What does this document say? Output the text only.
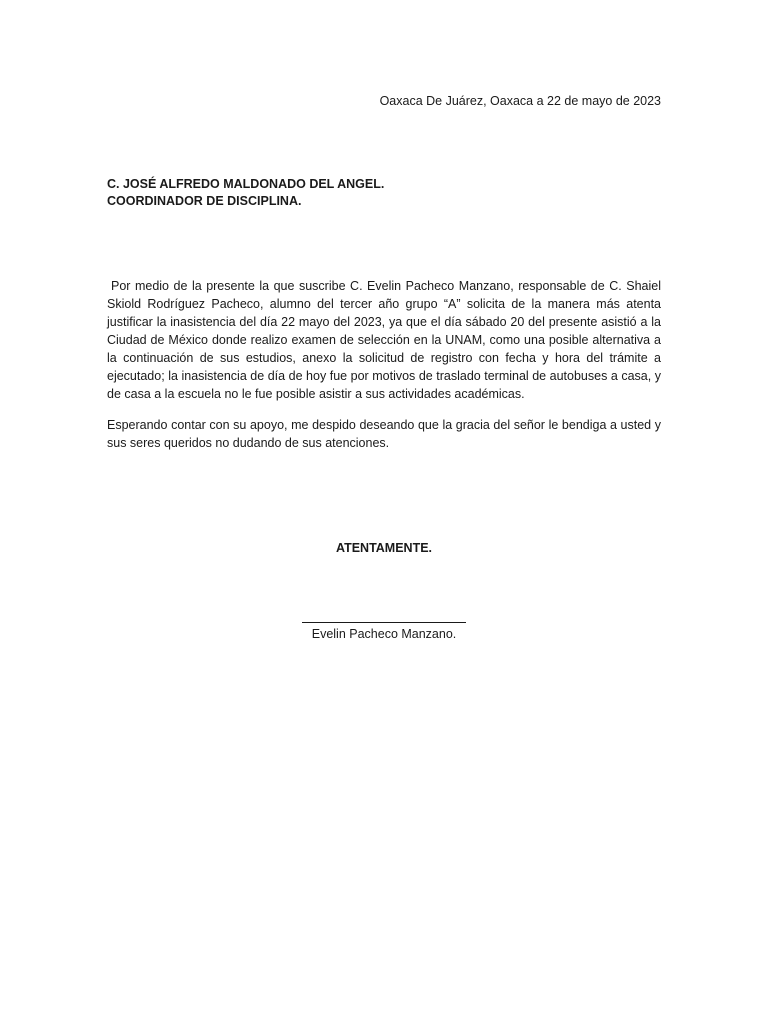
Oaxaca De Juárez, Oaxaca a 22 de mayo de 2023
C. JOSÉ ALFREDO MALDONADO DEL ANGEL.
COORDINADOR DE DISCIPLINA.

Por medio de la presente la que suscribe C. Evelin Pacheco Manzano, responsable de C. Shaiel Skiold Rodríguez Pacheco, alumno del tercer año grupo “A” solicita de la manera más atenta justificar la inasistencia del día 22 mayo del 2023, ya que el día sábado 20 del presente asistió a la Ciudad de México donde realizo examen de selección en la UNAM, como una posible alternativa a la continuación de sus estudios, anexo la solicitud de registro con fecha y hora del trámite a ejecutado; la inasistencia de día de hoy fue por motivos de traslado terminal de autobuses a casa, y de casa a la escuela no le fue posible asistir a sus actividades académicas.

Esperando contar con su apoyo, me despido deseando que la gracia del señor le bendiga a usted y sus seres queridos no dudando de sus atenciones.

ATENTAMENTE.
Evelin Pacheco Manzano.
